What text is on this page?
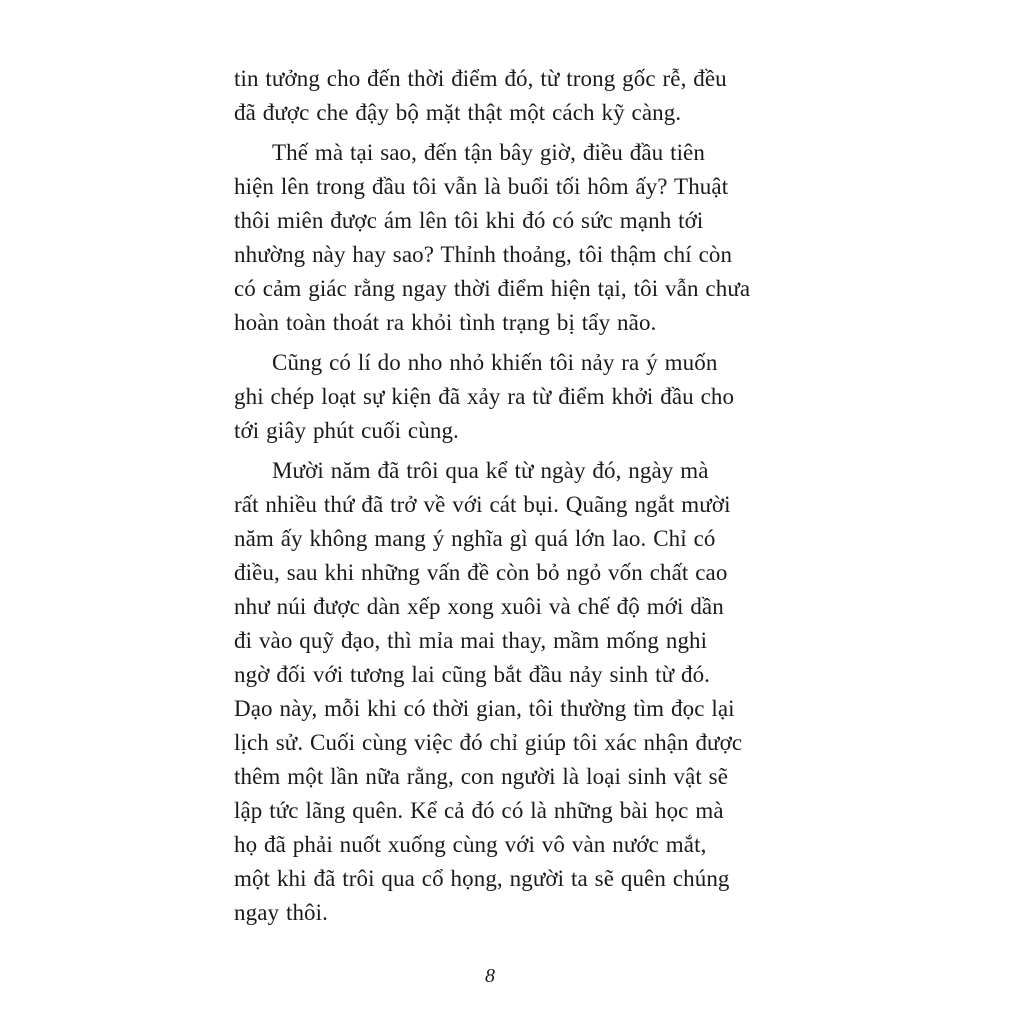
tin tưởng cho đến thời điểm đó, từ trong gốc rễ, đều
đã được che đậy bộ mặt thật một cách kỹ càng.

Thế mà tại sao, đến tận bây giờ, điều đầu tiên
hiện lên trong đầu tôi vẫn là buổi tối hôm ấy? Thuật
thôi miên được ám lên tôi khi đó có sức mạnh tới
nhường này hay sao? Thỉnh thoảng, tôi thậm chí còn
có cảm giác rằng ngay thời điểm hiện tại, tôi vẫn chưa
hoàn toàn thoát ra khỏi tình trạng bị tẩy não.

Cũng có lí do nho nhỏ khiến tôi nảy ra ý muốn
ghi chép loạt sự kiện đã xảy ra từ điểm khởi đầu cho
tới giây phút cuối cùng.

Mười năm đã trôi qua kể từ ngày đó, ngày mà
rất nhiều thứ đã trở về với cát bụi. Quãng ngắt mười
năm ấy không mang ý nghĩa gì quá lớn lao. Chỉ có
điều, sau khi những vấn đề còn bỏ ngỏ vốn chất cao
như núi được dàn xếp xong xuôi và chế độ mới dần
đi vào quỹ đạo, thì mỉa mai thay, mầm mống nghi
ngờ đối với tương lai cũng bắt đầu nảy sinh từ đó.
Dạo này, mỗi khi có thời gian, tôi thường tìm đọc lại
lịch sử. Cuối cùng việc đó chỉ giúp tôi xác nhận được
thêm một lần nữa rằng, con người là loại sinh vật sẽ
lập tức lãng quên. Kể cả đó có là những bài học mà
họ đã phải nuốt xuống cùng với vô vàn nước mắt,
một khi đã trôi qua cổ họng, người ta sẽ quên chúng
ngay thôi.

8
